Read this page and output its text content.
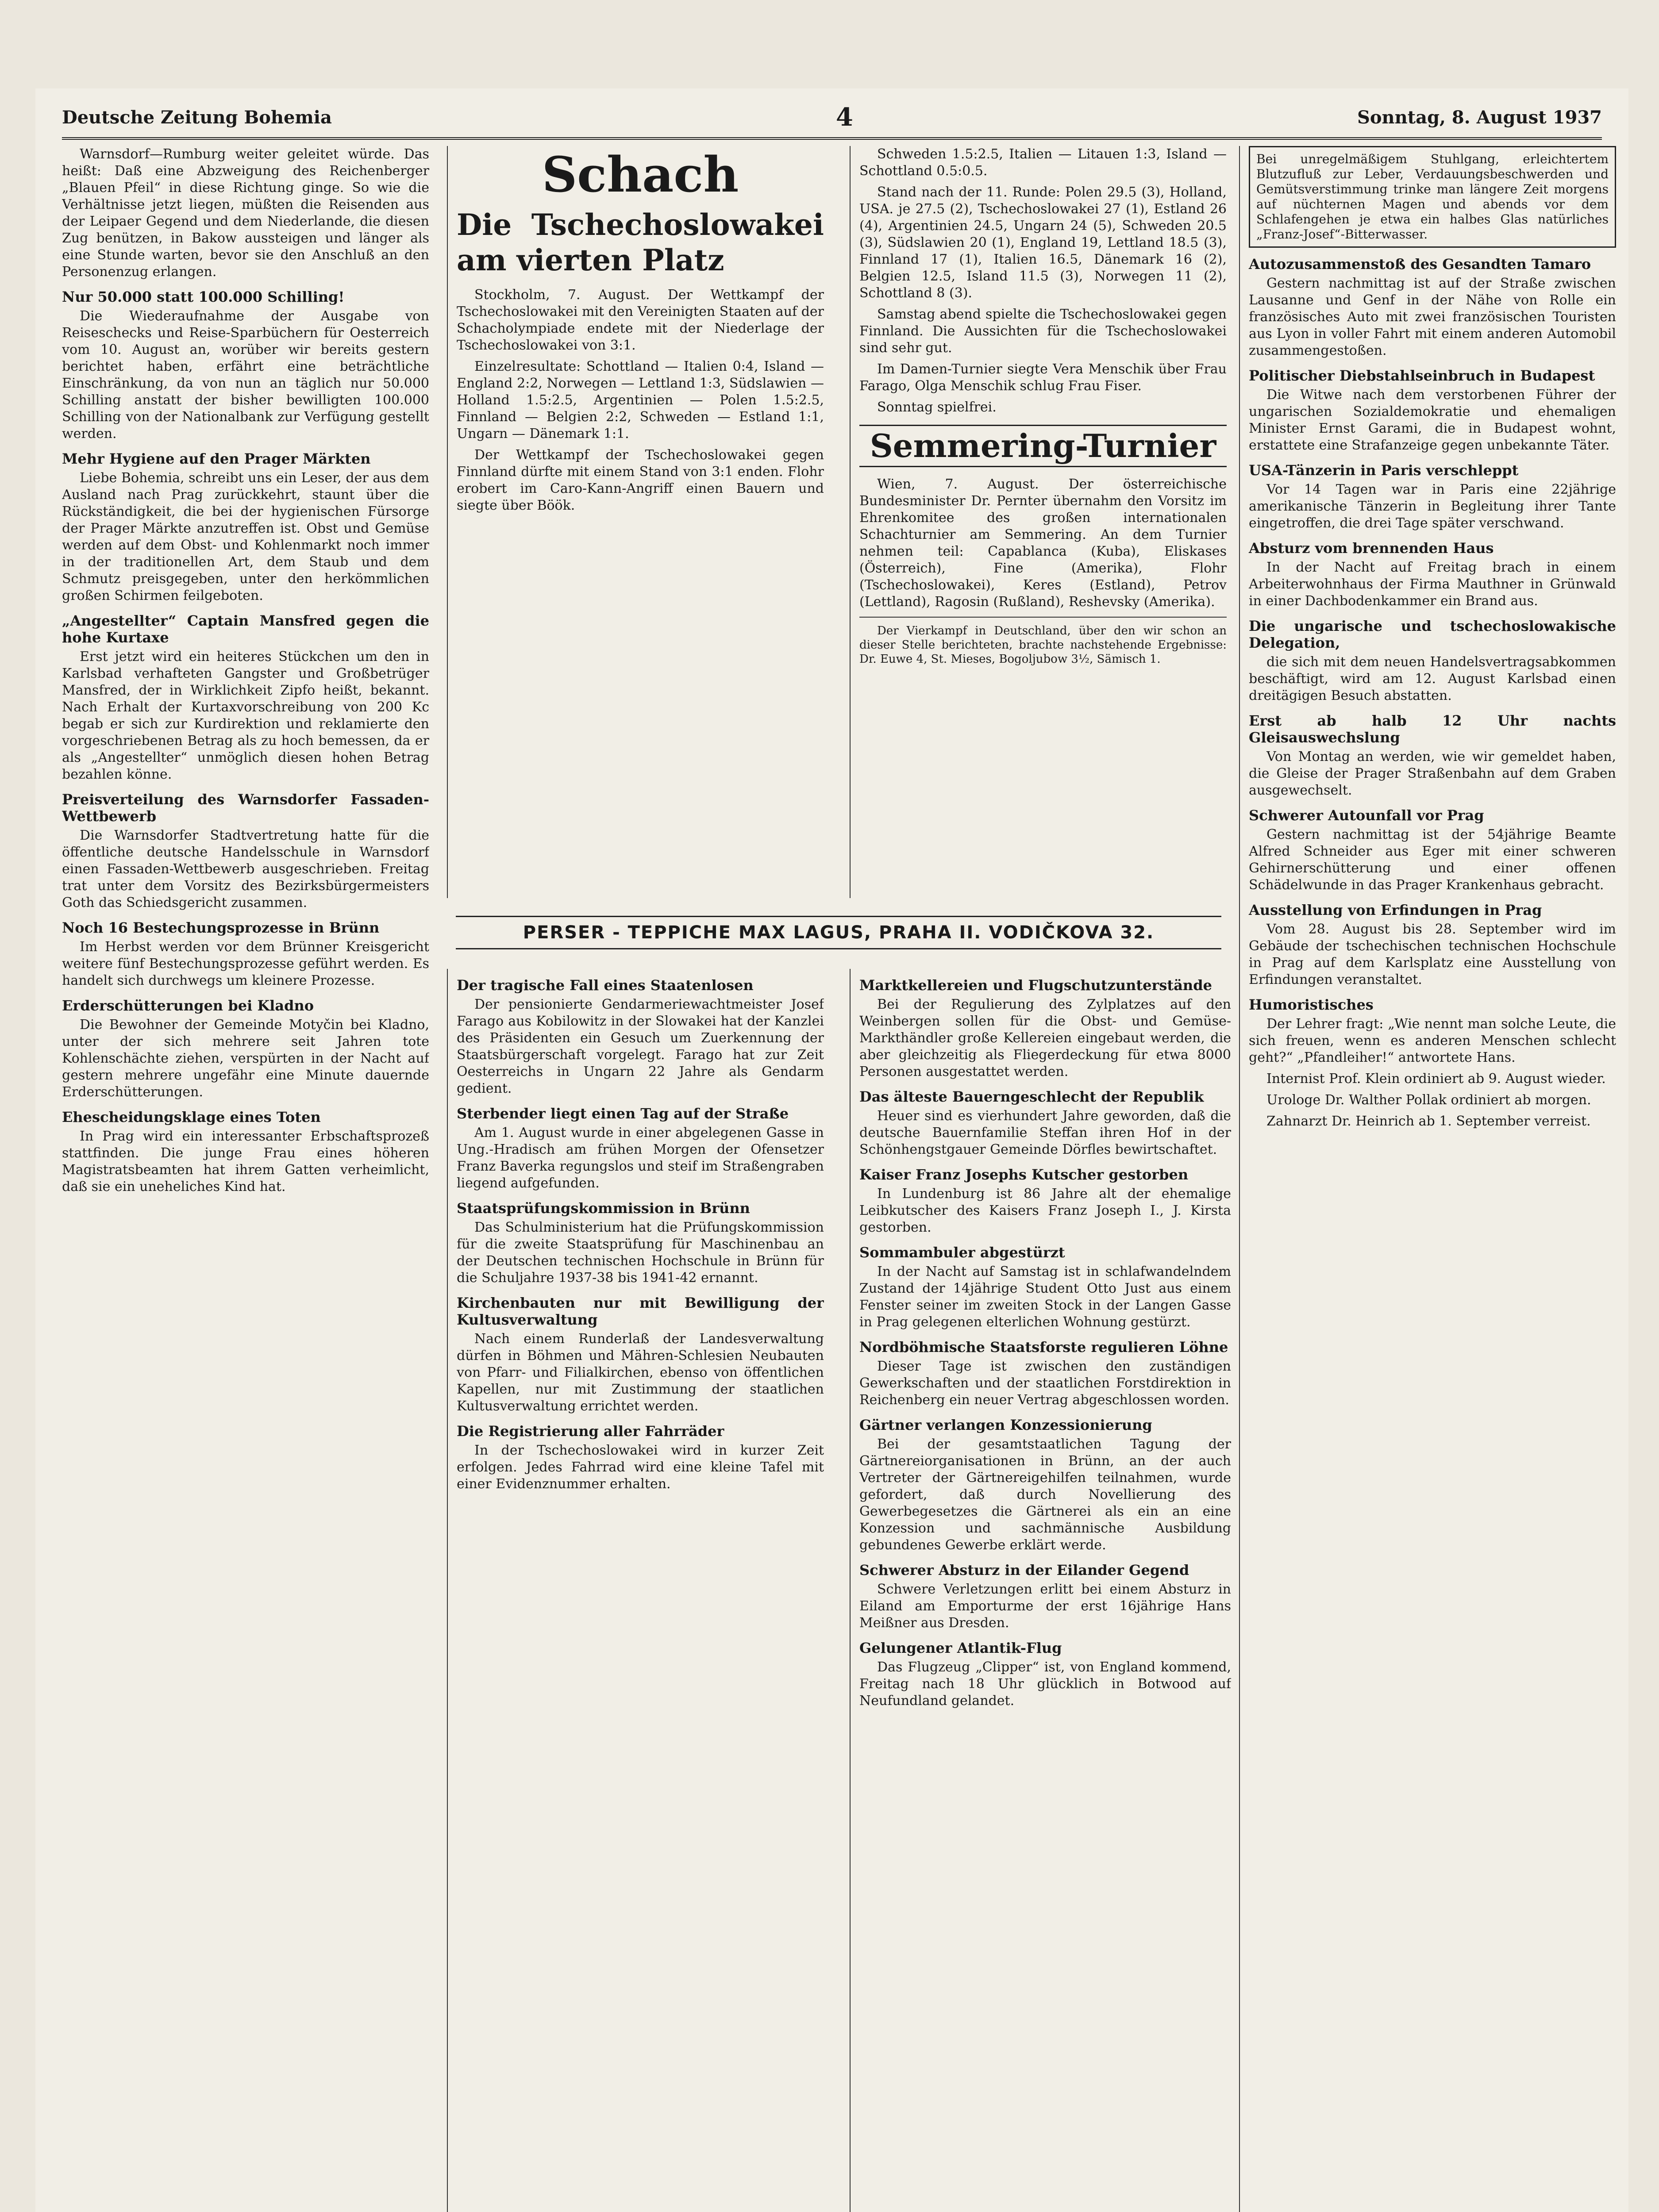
Deutsche Zeitung Bohemia	4	Sonntag, 8. August 1937

Warnsdorf—Rumburg weiter geleitet würde. Das heißt: Daß eine Abzweigung des Reichenberger „Blauen Pfeil“ in diese Richtung ginge. So wie die Verhältnisse jetzt liegen, müßten die Reisenden aus der Leipaer Gegend und dem Niederlande, die diesen Zug benützen, in Bakow aussteigen und länger als eine Stunde warten, bevor sie den Anschluß an den Personenzug erlangen.

Nur 50.000 statt 100.000 Schilling!

Die Wiederaufnahme der Ausgabe von Reiseschecks und Reise-Sparbüchern für Oesterreich vom 10. August an, worüber wir bereits gestern berichtet haben, erfährt eine beträchtliche Einschränkung, da von nun an täglich nur 50.000 Schilling anstatt der bisher bewilligten 100.000 Schilling von der Nationalbank zur Verfügung gestellt werden.

Mehr Hygiene auf den Prager Märkten

Liebe Bohemia, schreibt uns ein Leser, der aus dem Ausland nach Prag zurückkehrt, staunt über die Rückständigkeit, die bei der hygienischen Fürsorge der Prager Märkte anzutreffen ist. Obst und Gemüse werden auf dem Obst- und Kohlenmarkt noch immer in der traditionellen Art, dem Staub und dem Schmutz preisgegeben, unter den herkömmlichen großen Schirmen feilgeboten.

„Angestellter“ Captain Mansfred gegen die hohe Kurtaxe

Erst jetzt wird ein heiteres Stückchen um den in Karlsbad verhafteten Gangster und Großbetrüger Mansfred, der in Wirklichkeit Zipfo heißt, bekannt. Nach Erhalt der Kurtaxvorschreibung von 200 Kc begab er sich zur Kurdirektion und reklamierte den vorgeschriebenen Betrag als zu hoch bemessen, da er als „Angestellter“ unmöglich diesen hohen Betrag bezahlen könne.

Preisverteilung des Warnsdorfer Fassaden-Wettbewerb

Die Warnsdorfer Stadtvertretung hatte für die öffentliche deutsche Handelsschule in Warnsdorf einen Fassaden-Wettbewerb ausgeschrieben. Freitag trat unter dem Vorsitz des Bezirksbürgermeisters Goth das Schiedsgericht zusammen.

Noch 16 Bestechungsprozesse in Brünn

Im Herbst werden vor dem Brünner Kreisgericht weitere fünf Bestechungsprozesse geführt werden. Es handelt sich durchwegs um kleinere Prozesse.

Erderschütterungen bei Kladno

Die Bewohner der Gemeinde Motyčin bei Kladno, unter der sich mehrere seit Jahren tote Kohlenschächte ziehen, verspürten in der Nacht auf gestern mehrere ungefähr eine Minute dauernde Erderschütterungen.

Ehescheidungsklage eines Toten

In Prag wird ein interessanter Erbschaftsprozeß stattfinden. Die junge Frau eines höheren Magistratsbeamten hat ihrem Gatten verheimlicht, daß sie ein uneheliches Kind hat.

Schach
Die Tschechoslowakei am vierten Platz

Stockholm, 7. August. Der Wettkampf der Tschechoslowakei mit den Vereinigten Staaten auf der Schacholympiade endete mit der Niederlage der Tschechoslowakei von 3:1.

Einzelresultate: Schottland — Italien 0:4, Island — England 2:2, Norwegen — Lettland 1:3, Südslawien — Holland 1.5:2.5, Argentinien — Polen 1.5:2.5, Finnland — Belgien 2:2, Schweden — Estland 1:1, Ungarn — Dänemark 1:1.

Der Wettkampf der Tschechoslowakei gegen Finnland dürfte mit einem Stand von 3:1 enden. Flohr erobert im Caro-Kann-Angriff einen Bauern und siegte über Böök.

Schweden 1.5:2.5, Italien — Litauen 1:3, Island — Schottland 0.5:0.5.

Stand nach der 11. Runde: Polen 29.5 (3), Holland, USA. je 27.5 (2), Tschechoslowakei 27 (1), Estland 26 (4), Argentinien 24.5, Ungarn 24 (5), Schweden 20.5 (3), Südslawien 20 (1), England 19, Lettland 18.5 (3), Finnland 17 (1), Italien 16.5, Dänemark 16 (2), Belgien 12.5, Island 11.5 (3), Norwegen 11 (2), Schottland 8 (3).

Samstag abend spielte die Tschechoslowakei gegen Finnland. Die Aussichten für die Tschechoslowakei sind sehr gut.

Im Damen-Turnier siegte Vera Menschik über Frau Farago, Olga Menschik schlug Frau Fiser.

Sonntag spielfrei.

Semmering-Turnier

Wien, 7. August. Der österreichische Bundesminister Dr. Pernter übernahm den Vorsitz im Ehrenkomitee des großen internationalen Schachturnier am Semmering. An dem Turnier nehmen teil: Capablanca (Kuba), Eliskases (Österreich), Fine (Amerika), Flohr (Tschechoslowakei), Keres (Estland), Petrov (Lettland), Ragosin (Rußland), Reshevsky (Amerika).

Der Vierkampf in Deutschland, über den wir schon an dieser Stelle berichteten, brachte nachstehende Ergebnisse: Dr. Euwe 4, St. Mieses, Bogoljubow 3½, Sämisch 1.

Bei unregelmäßigem Stuhlgang, erleichtertem Blutzufluß zur Leber, Verdauungsbeschwerden und Gemütsverstimmung trinke man längere Zeit morgens auf nüchternen Magen und abends vor dem Schlafengehen je etwa ein halbes Glas natürliches „Franz-Josef“-Bitterwasser.
Autozusammenstoß des Gesandten Tamaro

Gestern nachmittag ist auf der Straße zwischen Lausanne und Genf in der Nähe von Rolle ein französisches Auto mit zwei französischen Touristen aus Lyon in voller Fahrt mit einem anderen Automobil zusammengestoßen.

Politischer Diebstahlseinbruch in Budapest

Die Witwe nach dem verstorbenen Führer der ungarischen Sozialdemokratie und ehemaligen Minister Ernst Garami, die in Budapest wohnt, erstattete eine Strafanzeige gegen unbekannte Täter.

USA-Tänzerin in Paris verschleppt

Vor 14 Tagen war in Paris eine 22jährige amerikanische Tänzerin in Begleitung ihrer Tante eingetroffen, die drei Tage später verschwand.

Absturz vom brennenden Haus

In der Nacht auf Freitag brach in einem Arbeiterwohnhaus der Firma Mauthner in Grünwald in einer Dachbodenkammer ein Brand aus.

Die ungarische und tschechoslowakische Delegation,

die sich mit dem neuen Handelsvertragsabkommen beschäftigt, wird am 12. August Karlsbad einen dreitägigen Besuch abstatten.

Erst ab halb 12 Uhr nachts Gleisauswechslung

Von Montag an werden, wie wir gemeldet haben, die Gleise der Prager Straßenbahn auf dem Graben ausgewechselt.

Schwerer Autounfall vor Prag

Gestern nachmittag ist der 54jährige Beamte Alfred Schneider aus Eger mit einer schweren Gehirnerschütterung und einer offenen Schädelwunde in das Prager Krankenhaus gebracht.

Ausstellung von Erfindungen in Prag

Vom 28. August bis 28. September wird im Gebäude der tschechischen technischen Hochschule in Prag auf dem Karlsplatz eine Ausstellung von Erfindungen veranstaltet.

Humoristisches

Der Lehrer fragt: „Wie nennt man solche Leute, die sich freuen, wenn es anderen Menschen schlecht geht?“ „Pfandleiher!“ antwortete Hans.

Internist Prof. Klein ordiniert ab 9. August wieder.

Urologe Dr. Walther Pollak ordiniert ab morgen.

Zahnarzt Dr. Heinrich ab 1. September verreist.

PERSER - TEPPICHE MAX LAGUS, PRAHA II. VODIČKOVA 32.
Der tragische Fall eines Staatenlosen

Der pensionierte Gendarmeriewachtmeister Josef Farago aus Kobilowitz in der Slowakei hat der Kanzlei des Präsidenten ein Gesuch um Zuerkennung der Staatsbürgerschaft vorgelegt. Farago hat zur Zeit Oesterreichs in Ungarn 22 Jahre als Gendarm gedient.

Sterbender liegt einen Tag auf der Straße

Am 1. August wurde in einer abgelegenen Gasse in Ung.-Hradisch am frühen Morgen der Ofensetzer Franz Baverka regungslos und steif im Straßengraben liegend aufgefunden.

Staatsprüfungskommission in Brünn

Das Schulministerium hat die Prüfungskommission für die zweite Staatsprüfung für Maschinenbau an der Deutschen technischen Hochschule in Brünn für die Schuljahre 1937-38 bis 1941-42 ernannt.

Kirchenbauten nur mit Bewilligung der Kultusverwaltung

Nach einem Runderlaß der Landesverwaltung dürfen in Böhmen und Mähren-Schlesien Neubauten von Pfarr- und Filialkirchen, ebenso von öffentlichen Kapellen, nur mit Zustimmung der staatlichen Kultusverwaltung errichtet werden.

Die Registrierung aller Fahrräder

In der Tschechoslowakei wird in kurzer Zeit erfolgen. Jedes Fahrrad wird eine kleine Tafel mit einer Evidenznummer erhalten.

Marktkellereien und Flugschutzunterstände

Bei der Regulierung des Zylplatzes auf den Weinbergen sollen für die Obst- und Gemüse-Markthändler große Kellereien eingebaut werden, die aber gleichzeitig als Fliegerdeckung für etwa 8000 Personen ausgestattet werden.

Das älteste Bauerngeschlecht der Republik

Heuer sind es vierhundert Jahre geworden, daß die deutsche Bauernfamilie Steffan ihren Hof in der Schönhengstgauer Gemeinde Dörfles bewirtschaftet.

Kaiser Franz Josephs Kutscher gestorben

In Lundenburg ist 86 Jahre alt der ehemalige Leibkutscher des Kaisers Franz Joseph I., J. Kirsta gestorben.

Sommambuler abgestürzt

In der Nacht auf Samstag ist in schlafwandelndem Zustand der 14jährige Student Otto Just aus einem Fenster seiner im zweiten Stock in der Langen Gasse in Prag gelegenen elterlichen Wohnung gestürzt.

Nordböhmische Staatsforste regulieren Löhne

Dieser Tage ist zwischen den zuständigen Gewerkschaften und der staatlichen Forstdirektion in Reichenberg ein neuer Vertrag abgeschlossen worden.

Gärtner verlangen Konzessionierung

Bei der gesamtstaatlichen Tagung der Gärtnereiorganisationen in Brünn, an der auch Vertreter der Gärtnereigehilfen teilnahmen, wurde gefordert, daß durch Novellierung des Gewerbegesetzes die Gärtnerei als ein an eine Konzession und sachmännische Ausbildung gebundenes Gewerbe erklärt werde.

Schwerer Absturz in der Eilander Gegend

Schwere Verletzungen erlitt bei einem Absturz in Eiland am Emporturme der erst 16jährige Hans Meißner aus Dresden.

Gelungener Atlantik-Flug

Das Flugzeug „Clipper“ ist, von England kommend, Freitag nach 18 Uhr glücklich in Botwood auf Neufundland gelandet.
